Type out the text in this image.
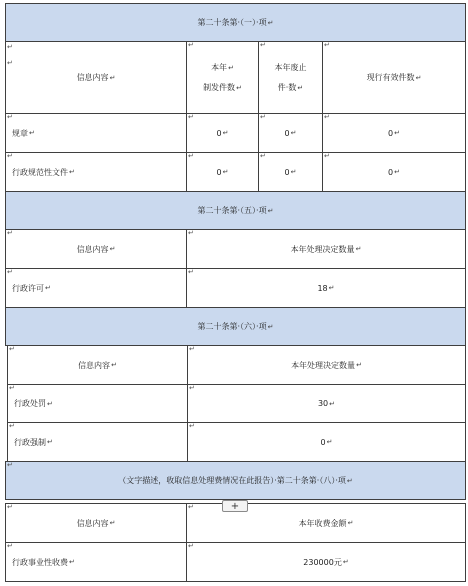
第二十条第·（一）·项 ↵
↵
↵
信息内容 ↵
↵
本年↵
制发件数↵
↵
本年废止
件·数↵
↵
现行有效件数 ↵
↵
规章 ↵
↵
0 ↵
↵
0 ↵
↵
0 ↵
↵
行政规范性文件 ↵
↵
0 ↵
↵
0 ↵
↵
0 ↵
第二十条第·（五）·项 ↵
↵
信息内容 ↵
↵
本年处理决定数量 ↵
↵
行政许可 ↵
↵
18 ↵
第二十条第·（六）·项 ↵
↵
信息内容 ↵
↵
本年处理决定数量 ↵
↵
行政处罚 ↵
↵
30 ↵
↵
行政强制 ↵
↵
0 ↵
↵
（文字描述，收取信息处理费情况在此报告）·第二十条第·（八）·项 ↵
↵
信息内容 ↵
↵
本年收费金额 ↵
↵
行政事业性收费 ↵
↵
230000元 ↵
+
